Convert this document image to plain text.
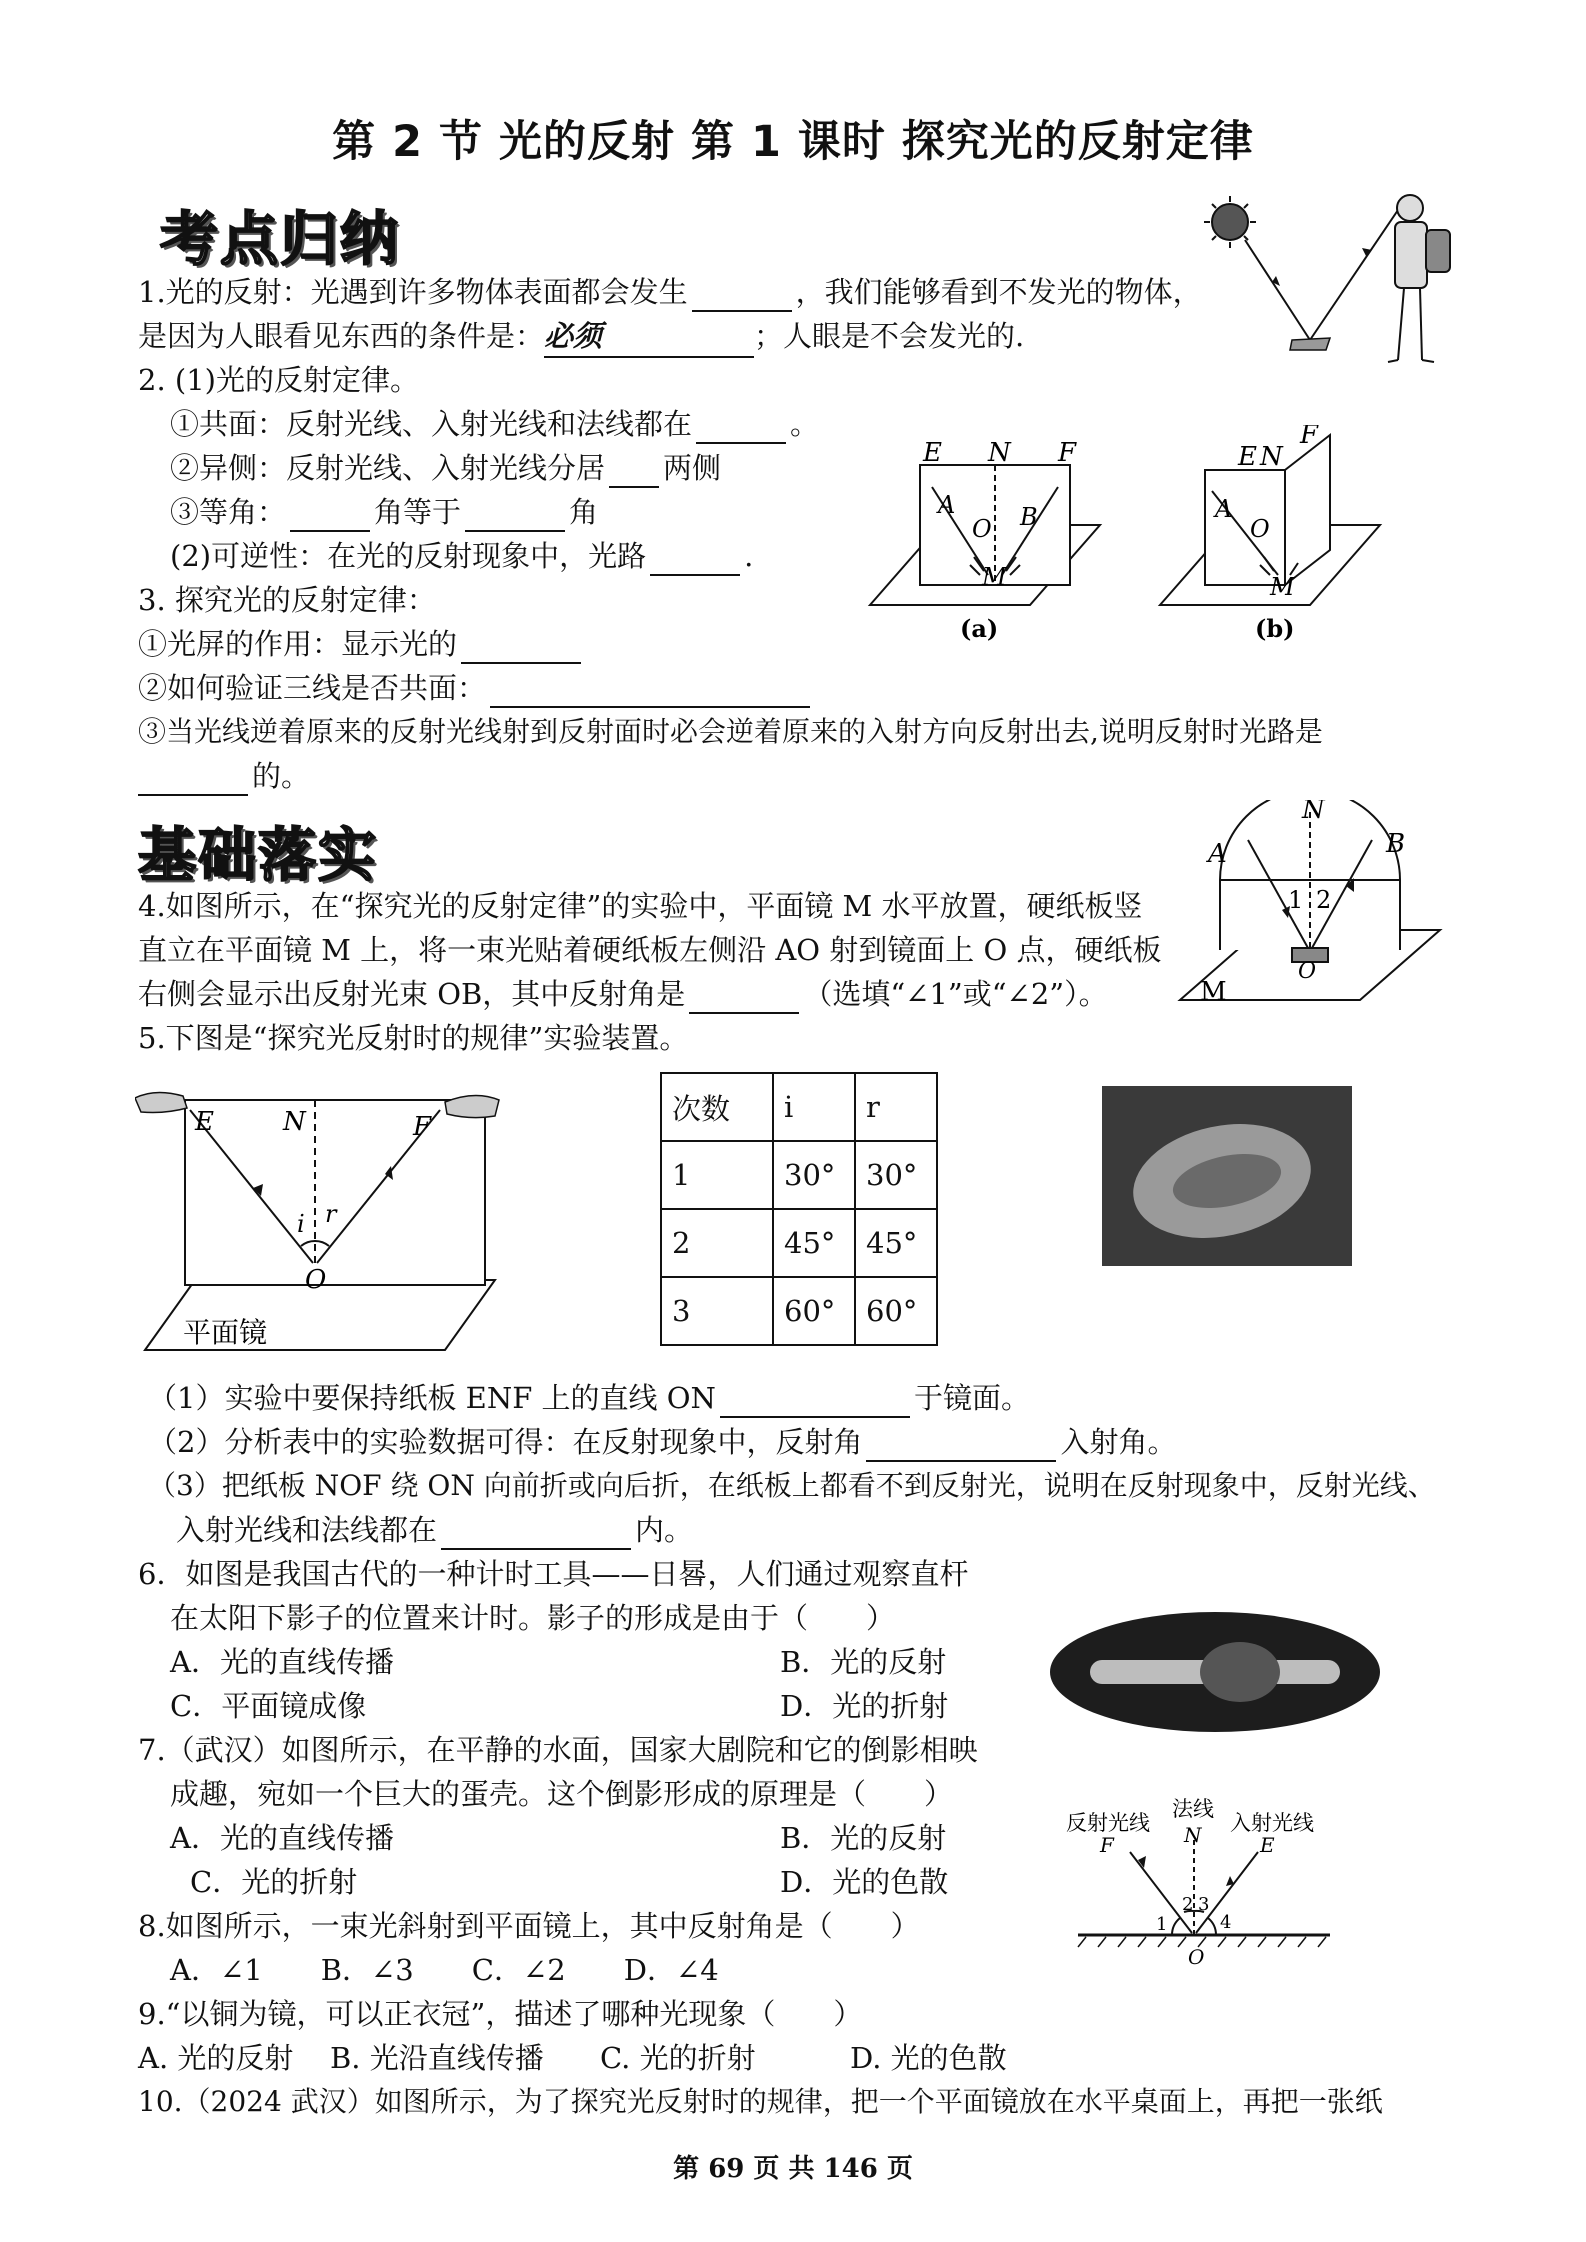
第 2 节 光的反射 第 1 课时 探究光的反射定律
考点归纳
1.光的反射：光遇到许多物体表面都会发生	，我们能够看到不发光的物体，
是因为人眼看见东西的条件是：必须	；人眼是不会发光的.
2. (1)光的反射定律。
①共面：反射光线、入射光线和法线都在	。
②异侧：反射光线、入射光线分居 两侧
③等角：	角等于	角
(2)可逆性：在光的反射现象中，光路	.
E N F
A
O B
M
(a)
E N
F
A
O
M
(b)
3. 探究光的反射定律：
①光屏的作用：显示光的
②如何验证三线是否共面：
③当光线逆着原来的反射光线射到反射面时必会逆着原来的入射方向反射出去,说明反射时光路是
的。
基础落实
N
A	B
1 2
O
M
4.如图所示，在“探究光的反射定律”的实验中，平面镜 M 水平放置，硬纸板竖
直立在平面镜 M 上，将一束光贴着硬纸板左侧沿 AO 射到镜面上 O 点，硬纸板
右侧会显示出反射光束 OB，其中反射角是	（选填“∠1”或“∠2”）。
5.下图是“探究光反射时的规律”实验装置。
E	N	F
i r
O
平面镜
次数	i	r
1	30°	30°
2	45°	45°
3	60°	60°
（1）实验中要保持纸板 ENF 上的直线 ON	于镜面。
（2）分析表中的实验数据可得：在反射现象中，反射角	入射角。
（3）把纸板 NOF 绕 ON 向前折或向后折，在纸板上都看不到反射光，说明在反射现象中，反射光线、
入射光线和法线都在	内。
6．如图是我国古代的一种计时工具——日晷，人们通过观察直杆
在太阳下影子的位置来计时。影子的形成是由于（　　）
A．光的直线传播	B．光的反射
C．平面镜成像	D．光的折射
7.（武汉）如图所示，在平静的水面，国家大剧院和它的倒影相映
成趣，宛如一个巨大的蛋壳。这个倒影形成的原理是（　　）
A．光的直线传播	B．光的反射
C．光的折射	D．光的色散
反射光线
法线
入射光线
F	N	E
1
2 3
4
O
8.如图所示，一束光斜射到平面镜上，其中反射角是（　　）
A．∠1　　B．∠3　　C．∠2　　D．∠4
9.“以铜为镜，可以正衣冠”，描述了哪种光现象（　　）
A. 光的反射 B. 光沿直线传播 C. 光的折射	D. 光的色散
10.（2024 武汉）如图所示，为了探究光反射时的规律，把一个平面镜放在水平桌面上，再把一张纸
第 69 页 共 146 页
